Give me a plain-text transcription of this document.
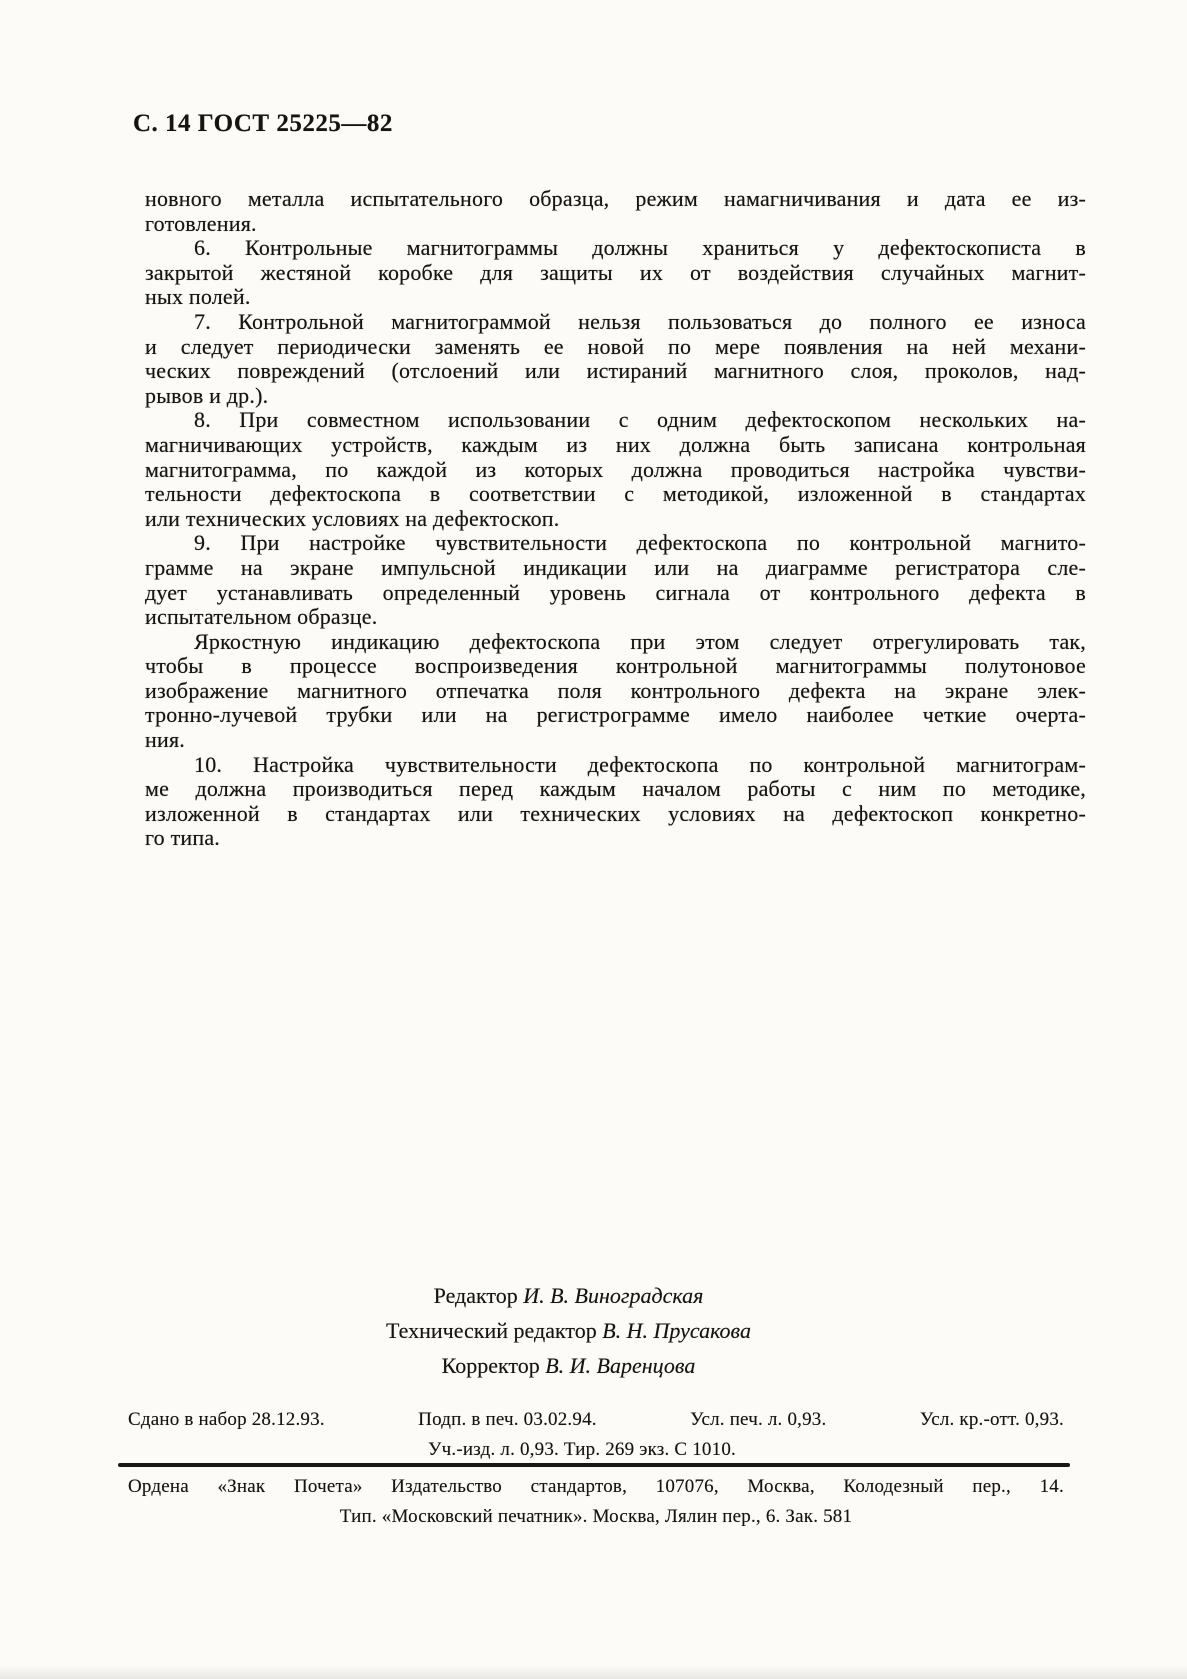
С. 14 ГОСТ 25225—82
новного металла испытательного образца, режим намагничивания и дата ее из-
готовления.
6. Контрольные магнитограммы должны храниться у дефектоскописта в
закрытой жестяной коробке для защиты их от воздействия случайных магнит-
ных полей.
7. Контрольной магнитограммой нельзя пользоваться до полного ее износа
и следует периодически заменять ее новой по мере появления на ней механи-
ческих повреждений (отслоений или истираний магнитного слоя, проколов, над-
рывов и др.).
8. При совместном использовании с одним дефектоскопом нескольких на-
магничивающих устройств, каждым из них должна быть записана контрольная
магнитограмма, по каждой из которых должна проводиться настройка чувстви-
тельности дефектоскопа в соответствии с методикой, изложенной в стандартах
или технических условиях на дефектоскоп.
9. При настройке чувствительности дефектоскопа по контрольной магнито-
грамме на экране импульсной индикации или на диаграмме регистратора сле-
дует устанавливать определенный уровень сигнала от контрольного дефекта в
испытательном образце.
Яркостную индикацию дефектоскопа при этом следует отрегулировать так,
чтобы в процессе воспроизведения контрольной магнитограммы полутоновое
изображение магнитного отпечатка поля контрольного дефекта на экране элек-
тронно-лучевой трубки или на регистрограмме имело наиболее четкие очерта-
ния.
10. Настройка чувствительности дефектоскопа по контрольной магнитограм-
ме должна производиться перед каждым началом работы с ним по методике,
изложенной в стандартах или технических условиях на дефектоскоп конкретно-
го типа.
Редактор И. В. Виноградская
Технический редактор В. Н. Прусакова
Корректор В. И. Варенцова
Сдано в набор 28.12.93.	Подп. в печ. 03.02.94.	Усл. печ. л. 0,93.	Усл. кр.-отт. 0,93.
Уч.-изд. л. 0,93. Тир. 269 экз. С 1010.
Ордена «Знак Почета» Издательство стандартов, 107076, Москва, Колодезный пер., 14.
Тип. «Московский печатник». Москва, Лялин пер., 6. Зак. 581
